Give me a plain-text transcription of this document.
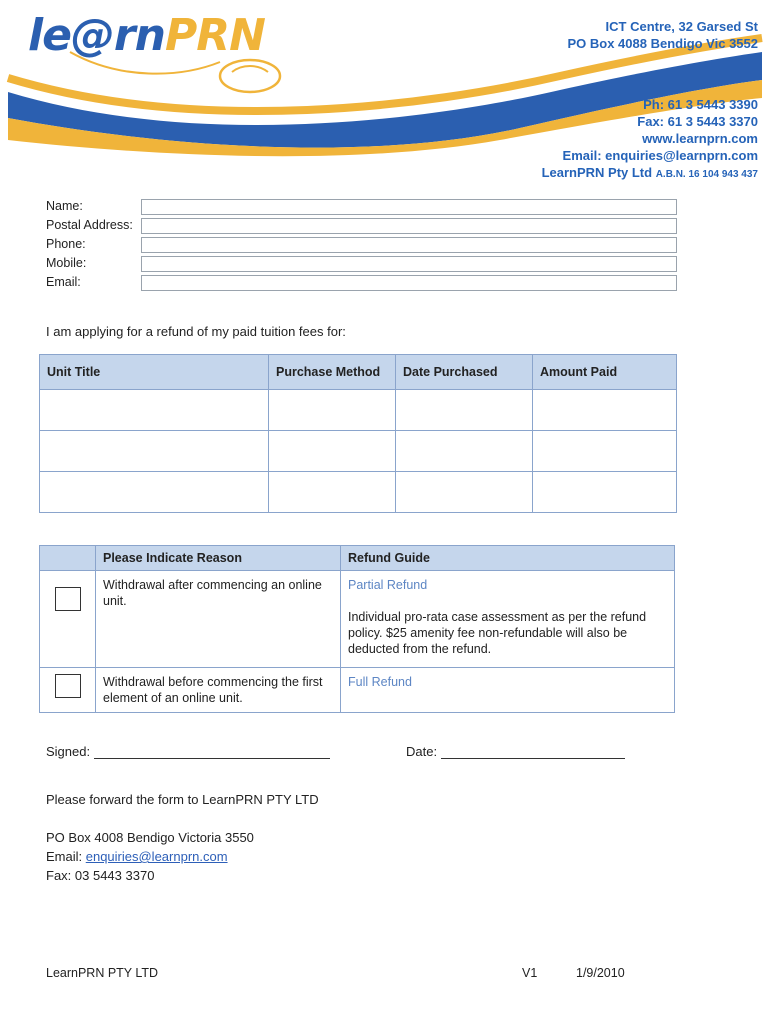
le@rnPRN	ICT Centre, 32 Garsed St
PO Box 4088 Bendigo Vic 3552
Ph: 61 3 5443 3390
Fax: 61 3 5443 3370
www.learnprn.com
Email: enquiries@learnprn.com
LearnPRN Pty Ltd A.B.N. 16 104 943 437
Name:
Postal Address:
Phone:
Mobile:
Email:
I am applying for a refund of my paid tuition fees for:
Unit Title	Purchase Method	Date Purchased	Amount Paid

	Please Indicate Reason	Refund Guide

	Withdrawal after commencing an online unit.	Partial Refund
Individual pro-rata case assessment as per the refund policy. $25 amenity fee non-refundable will also be deducted from the refund.

	Withdrawal before commencing the first element of an online unit.	Full Refund
Signed:	Date:
Please forward the form to LearnPRN PTY LTD
PO Box 4008 Bendigo Victoria 3550
Email: enquiries@learnprn.com
Fax: 03 5443 3370
LearnPRN PTY LTD	V1	1/9/2010
